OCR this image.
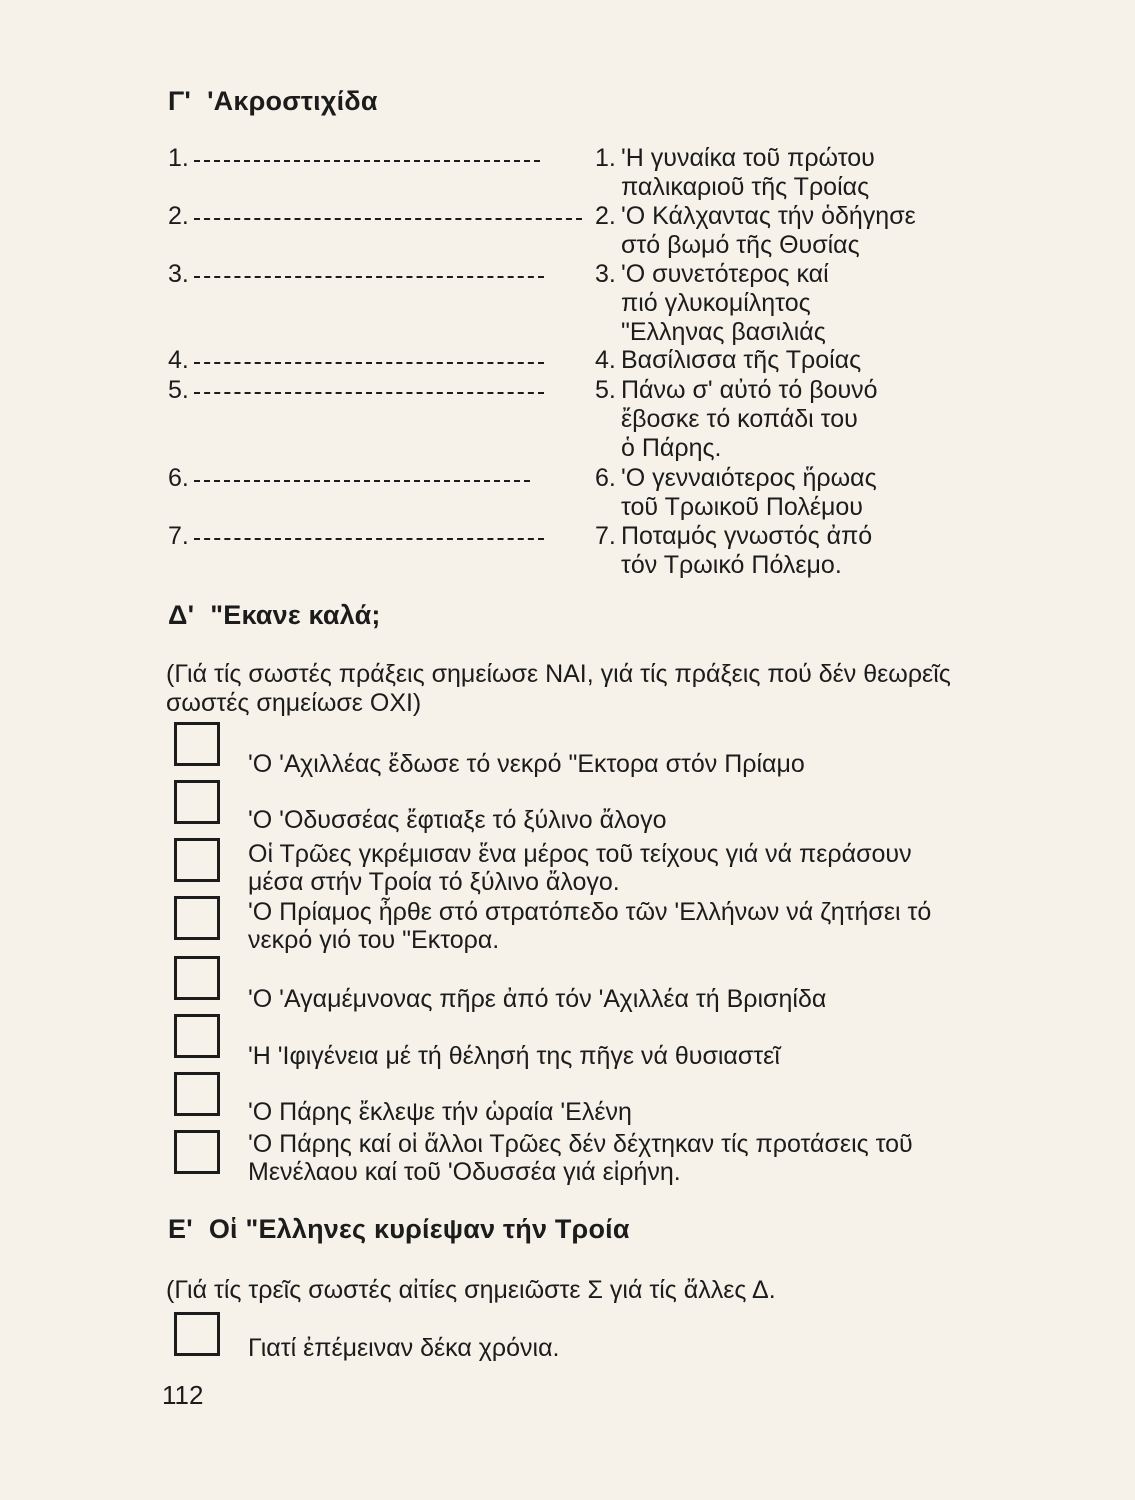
Γ' 'Ακροστιχίδα
1.	1. 'Η γυναίκα τοῦ πρώτου
παλικαριοῦ τῆς Τροίας
2.	2. 'Ο Κάλχαντας τήν ὁδήγησε
στό βωμό τῆς Θυσίας
3.	3. 'Ο συνετότερος καί
πιό γλυκομίλητος
"Ελληνας βασιλιάς
4.	4. Βασίλισσα τῆς Τροίας
5.	5. Πάνω σ' αὐτό τό βουνό
ἔβοσκε τό κοπάδι του
ὁ Πάρης.
6.	6. 'Ο γενναιότερος ἥρωας
τοῦ Τρωικοῦ Πολέμου
7.	7. Ποταμός γνωστός ἀπό
τόν Τρωικό Πόλεμο.
Δ' "Εκανε καλά;
(Γιά τίς σωστές πράξεις σημείωσε ΝΑΙ, γιά τίς πράξεις πού δέν θεωρεῖς
σωστές σημείωσε ΟΧΙ)
'Ο 'Αχιλλέας ἔδωσε τό νεκρό "Εκτορα στόν Πρίαμο
'Ο 'Οδυσσέας ἔφτιαξε τό ξύλινο ἄλογο
Οἱ Τρῶες γκρέμισαν ἕνα μέρος τοῦ τείχους γιά νά περάσουν
μέσα στήν Τροία τό ξύλινο ἄλογο.
'Ο Πρίαμος ἦρθε στό στρατόπεδο τῶν 'Ελλήνων νά ζητήσει τό
νεκρό γιό του "Εκτορα.
'Ο 'Αγαμέμνονας πῆρε ἀπό τόν 'Αχιλλέα τή Βρισηίδα
'Η 'Ιφιγένεια μέ τή θέλησή της πῆγε νά θυσιαστεῖ
'Ο Πάρης ἔκλεψε τήν ὡραία 'Ελένη
'Ο Πάρης καί οἱ ἄλλοι Τρῶες δέν δέχτηκαν τίς προτάσεις τοῦ
Μενέλαου καί τοῦ 'Οδυσσέα γιά εἰρήνη.
Ε' Οἱ "Ελληνες κυρίεψαν τήν Τροία
(Γιά τίς τρεῖς σωστές αἰτίες σημειῶστε Σ γιά τίς ἄλλες Δ.
Γιατί ἐπέμειναν δέκα χρόνια.
112
